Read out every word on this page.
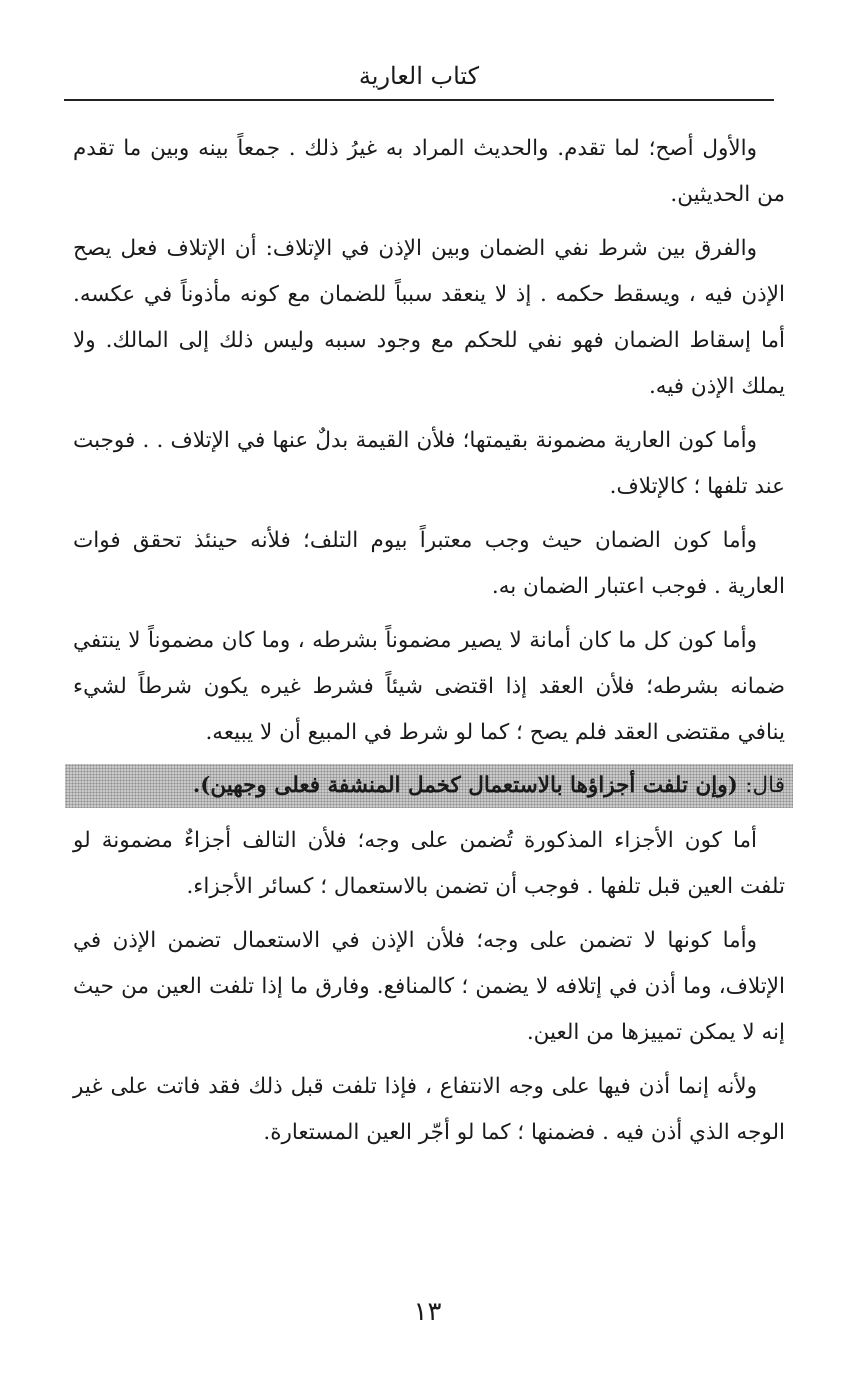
كتاب العارية

والأول أصح؛ لما تقدم. والحديث المراد به غيرُ ذلك . جمعاً بينه وبين ما تقدم من الحديثين.

والفرق بين شرط نفي الضمان وبين الإذن في الإتلاف: أن الإتلاف فعل يصح الإذن فيه ، ويسقط حكمه . إذ لا ينعقد سبباً للضمان مع كونه مأذوناً في عكسه. أما إسقاط الضمان فهو نفي للحكم مع وجود سببه وليس ذلك إلى المالك. ولا يملك الإذن فيه.

وأما كون العارية مضمونة بقيمتها؛ فلأن القيمة بدلٌ عنها في الإتلاف . . فوجبت عند تلفها ؛ كالإتلاف.

وأما كون الضمان حيث وجب معتبراً بيوم التلف؛ فلأنه حينئذ تحقق فوات العارية . فوجب اعتبار الضمان به.

وأما كون كل ما كان أمانة لا يصير مضموناً بشرطه ، وما كان مضموناً لا ينتفي ضمانه بشرطه؛ فلأن العقد إذا اقتضى شيئاً فشرط غيره يكون شرطاً لشيء ينافي مقتضى العقد فلم يصح ؛ كما لو شرط في المبيع أن لا يبيعه.

قال: (وإن تلفت أجزاؤها بالاستعمال كخمل المنشفة فعلى وجهين).

أما كون الأجزاء المذكورة تُضمن على وجه؛ فلأن التالف أجزاءٌ مضمونة لو تلفت العين قبل تلفها . فوجب أن تضمن بالاستعمال ؛ كسائر الأجزاء.

وأما كونها لا تضمن على وجه؛ فلأن الإذن في الاستعمال تضمن الإذن في الإتلاف، وما أذن في إتلافه لا يضمن ؛ كالمنافع. وفارق ما إذا تلفت العين من حيث إنه لا يمكن تمييزها من العين.

ولأنه إنما أذن فيها على وجه الانتفاع ، فإذا تلفت قبل ذلك فقد فاتت على غير الوجه الذي أذن فيه . فضمنها ؛ كما لو أجّر العين المستعارة.

١٣
